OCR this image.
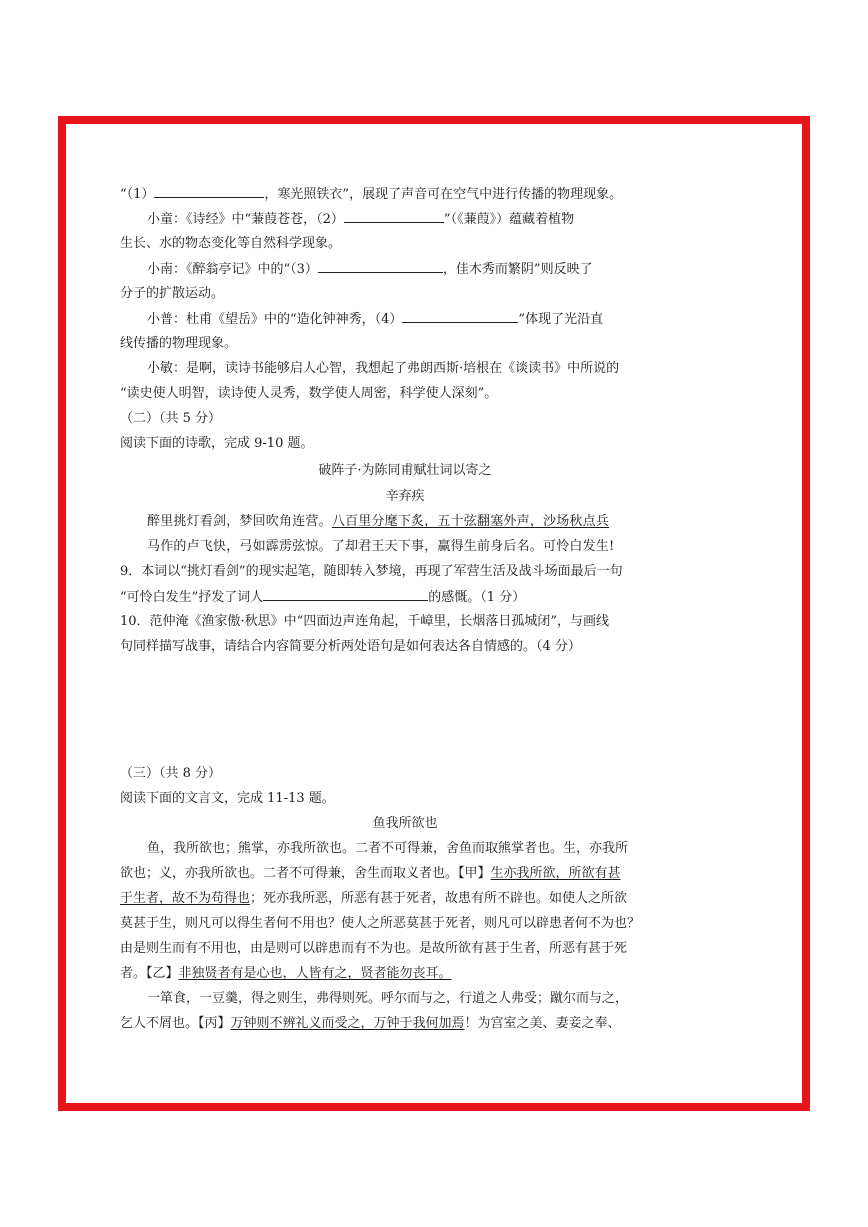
“（1）	，寒光照铁衣”，展现了声音可在空气中进行传播的物理现象。
小童：《诗经》中“蒹葭苍苍，（2）	”（《蒹葭》）蕴藏着植物
生长、水的物态变化等自然科学现象。
小南：《醉翁亭记》中的“（3）	，佳木秀而繁阴”则反映了
分子的扩散运动。
小普：杜甫《望岳》中的“造化钟神秀，（4）	”体现了光沿直
线传播的物理现象。
小敏：是啊，读诗书能够启人心智，我想起了弗朗西斯·培根在《谈读书》中所说的
“读史使人明智，读诗使人灵秀，数学使人周密，科学使人深刻”。
（二）（共 5 分）
阅读下面的诗歌，完成 9-10 题。
破阵子·为陈同甫赋壮词以寄之
辛弃疾
醉里挑灯看剑，梦回吹角连营。八百里分麾下炙，五十弦翻塞外声，沙场秋点兵
马作的卢飞快，弓如霹雳弦惊。了却君王天下事，赢得生前身后名。可怜白发生!
9．本词以“挑灯看剑”的现实起笔，随即转入梦境，再现了军营生活及战斗场面最后一句
“可怜白发生”抒发了词人	的感慨。（1 分）
10．范仲淹《渔家傲·秋思》中“四面边声连角起，千嶂里，长烟落日孤城闭”，与画线
句同样描写战事，请结合内容简要分析两处语句是如何表达各自情感的。（4 分）
（三）（共 8 分）
阅读下面的文言文，完成 11-13 题。
鱼我所欲也
鱼，我所欲也；熊掌，亦我所欲也。二者不可得兼，舍鱼而取熊掌者也。生，亦我所
欲也；义，亦我所欲也。二者不可得兼，舍生而取义者也。【甲】生亦我所欲，所欲有甚
于生者，故不为苟得也；死亦我所恶，所恶有甚于死者，故患有所不辟也。如使人之所欲
莫甚于生，则凡可以得生者何不用也？使人之所恶莫甚于死者，则凡可以辟患者何不为也？
由是则生而有不用也，由是则可以辟患而有不为也。是故所欲有甚于生者，所恶有甚于死
者。【乙】非独贤者有是心也，人皆有之，贤者能勿丧耳。
一箪食，一豆羹，得之则生，弗得则死。呼尔而与之，行道之人弗受；蹴尔而与之，
乞人不屑也。【丙】万钟则不辨礼义而受之，万钟于我何加焉！为宫室之美、妻妾之奉、
